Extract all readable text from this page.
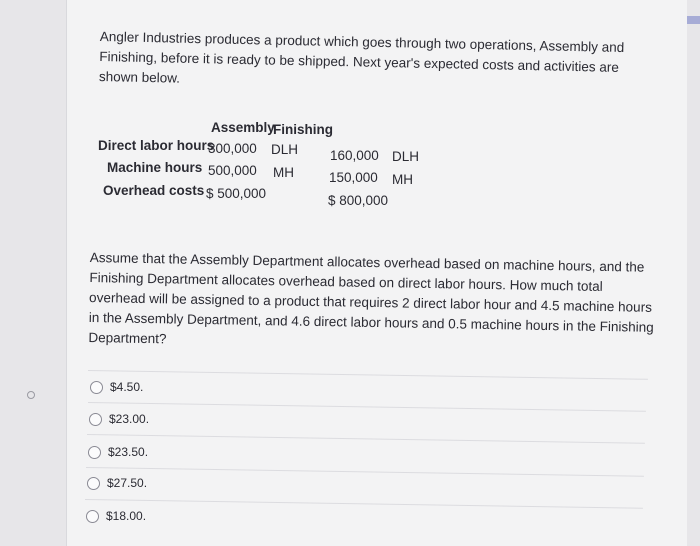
Angler Industries produces a product which goes through two operations, Assembly and Finishing, before it is ready to be shipped. Next year's expected costs and activities are shown below.
Assembly
Finishing
Direct labor hours
300,000 DLH 160,000 DLH
Machine hours 500,000 MH	150,000 MH
Overhead costs $ 500,000	$ 800,000
Assume that the Assembly Department allocates overhead based on machine hours, and the Finishing Department allocates overhead based on direct labor hours. How much total overhead will be assigned to a product that requires 2 direct labor hour and 4.5 machine hours in the Assembly Department, and 4.6 direct labor hours and 0.5 machine hours in the Finishing Department?
$4.50.
$23.00.
$23.50.
$27.50.
$18.00.
